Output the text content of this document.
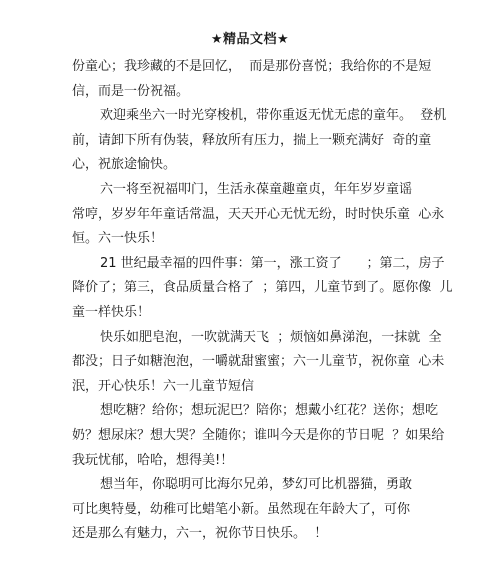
★精品文档★
份童心；我珍藏的不是回忆，  而是那份喜悦；我给你的不是短
信，而是一份祝福。
欢迎乘坐六一时光穿梭机，带你重返无忧无虑的童年。  登机
前，请卸下所有伪装，释放所有压力，揣上一颗充满好  奇的童
心，祝旅途愉快。
六一将至祝福叩门，生活永葆童趣童贞，年年岁岁童谣
常哼，岁岁年年童话常温，天天开心无忧无纷，时时快乐童  心永
恒。六一快乐！
21 世纪最幸福的四件事：第一，涨工资了      ；第二，房子
降价了；第三，食品质量合格了  ；第四，儿童节到了。愿你像  儿
童一样快乐！
快乐如肥皂泡，一吹就满天飞  ；烦恼如鼻涕泡，一抹就  全
都没；日子如糖泡泡，一嚼就甜蜜蜜；六一儿童节，祝你童  心未
泯，开心快乐！六一儿童节短信
想吃糖？给你；想玩泥巴？陪你；想戴小红花？送你；想吃
奶？想尿床？想大哭？全随你；谁叫今天是你的节日呢  ？如果给
我玩忧郁，哈哈，想得美!！
想当年，你聪明可比海尔兄弟，梦幻可比机器猫，勇敢
可比奥特曼，幼稚可比蜡笔小新。虽然现在年龄大了，可你
还是那么有魅力，六一，祝你节日快乐。  ！
